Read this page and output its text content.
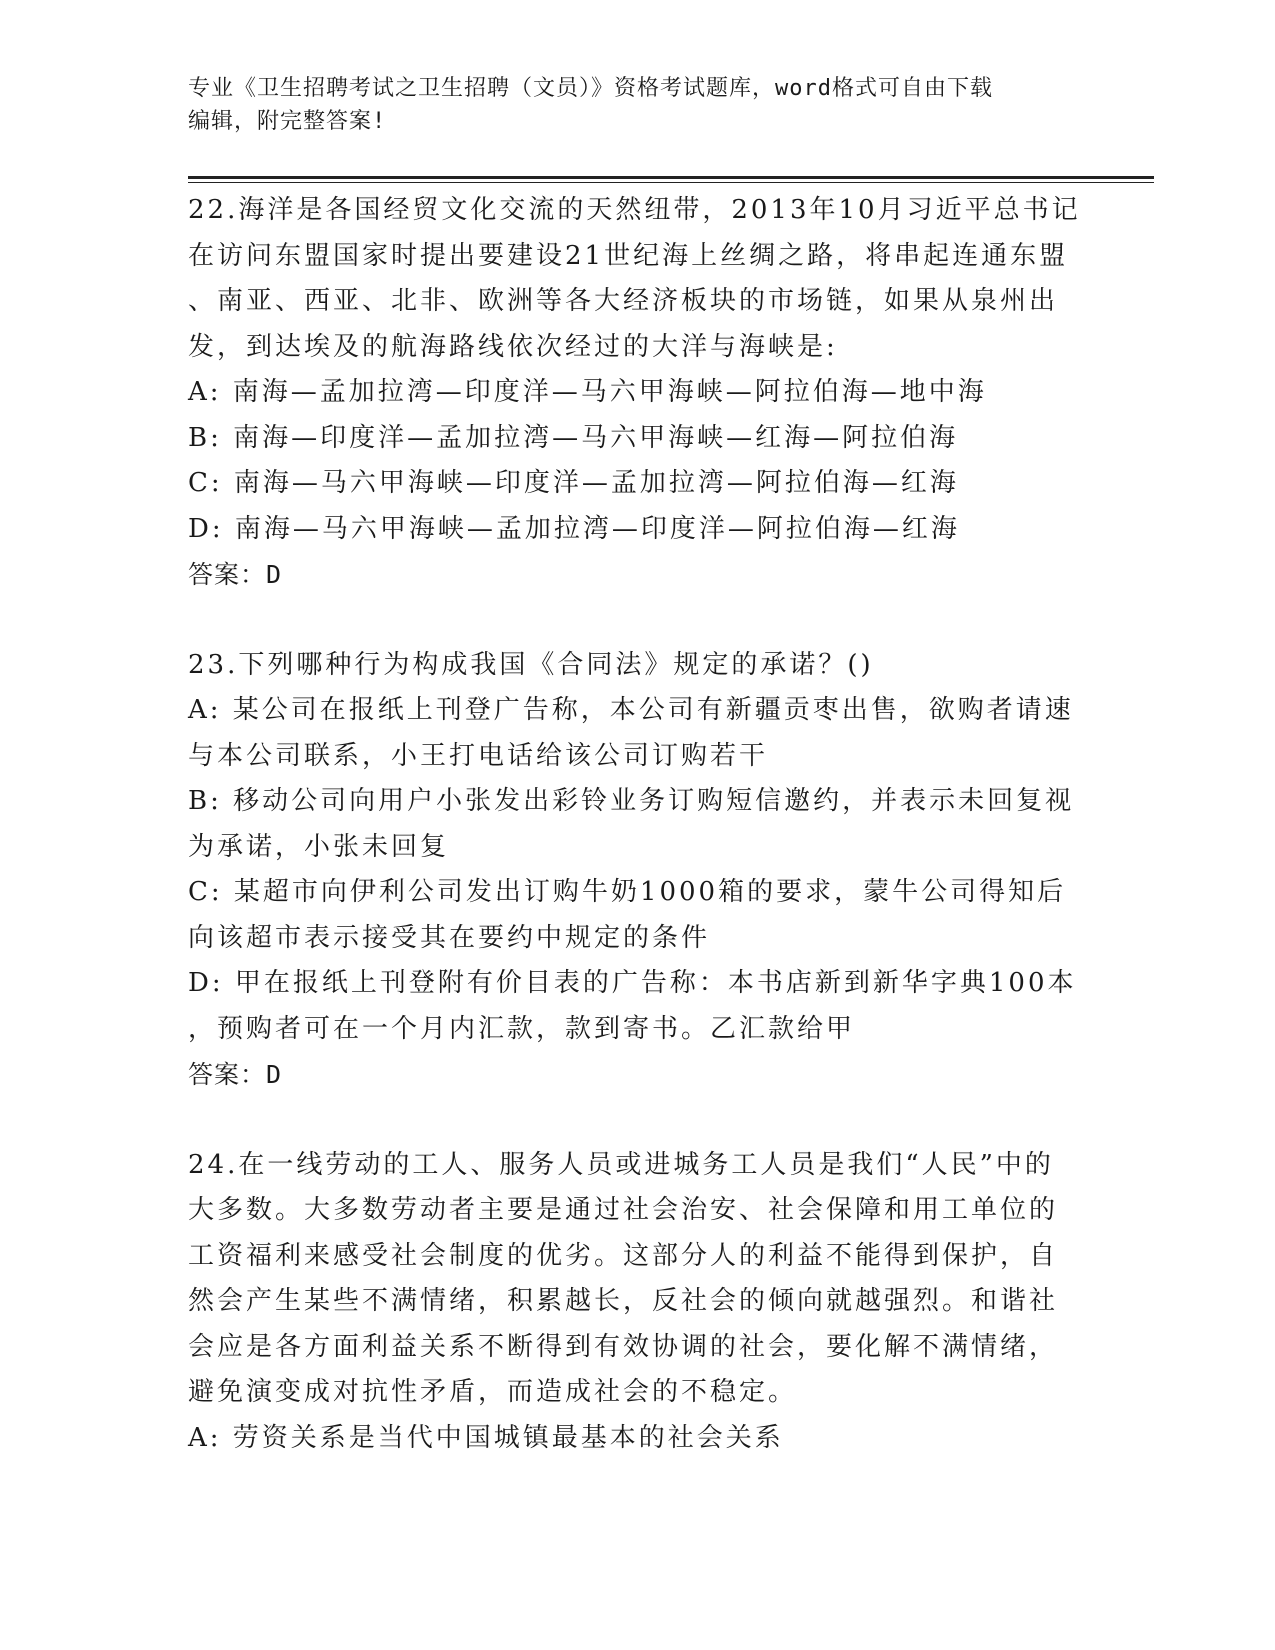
专业《卫生招聘考试之卫生招聘（文员）》资格考试题库，word格式可自由下载
编辑，附完整答案!
22.海洋是各国经贸文化交流的天然纽带，2013年10月习近平总书记
在访问东盟国家时提出要建设21世纪海上丝绸之路，将串起连通东盟
、南亚、西亚、北非、欧洲等各大经济板块的市场链，如果从泉州出
发，到达埃及的航海路线依次经过的大洋与海峡是:
A: 南海—孟加拉湾—印度洋—马六甲海峡—阿拉伯海—地中海
B: 南海—印度洋—孟加拉湾—马六甲海峡—红海—阿拉伯海
C: 南海—马六甲海峡—印度洋—孟加拉湾—阿拉伯海—红海
D: 南海—马六甲海峡—孟加拉湾—印度洋—阿拉伯海—红海
答案：D
23.下列哪种行为构成我国《合同法》规定的承诺？()
A: 某公司在报纸上刊登广告称，本公司有新疆贡枣出售，欲购者请速
与本公司联系，小王打电话给该公司订购若干
B: 移动公司向用户小张发出彩铃业务订购短信邀约，并表示未回复视
为承诺，小张未回复
C: 某超市向伊利公司发出订购牛奶1000箱的要求，蒙牛公司得知后
向该超市表示接受其在要约中规定的条件
D: 甲在报纸上刊登附有价目表的广告称：本书店新到新华字典100本
，预购者可在一个月内汇款，款到寄书。乙汇款给甲
答案：D
24.在一线劳动的工人、服务人员或进城务工人员是我们“人民”中的
大多数。大多数劳动者主要是通过社会治安、社会保障和用工单位的
工资福利来感受社会制度的优劣。这部分人的利益不能得到保护，自
然会产生某些不满情绪，积累越长，反社会的倾向就越强烈。和谐社
会应是各方面利益关系不断得到有效协调的社会，要化解不满情绪，
避免演变成对抗性矛盾，而造成社会的不稳定。
A: 劳资关系是当代中国城镇最基本的社会关系
